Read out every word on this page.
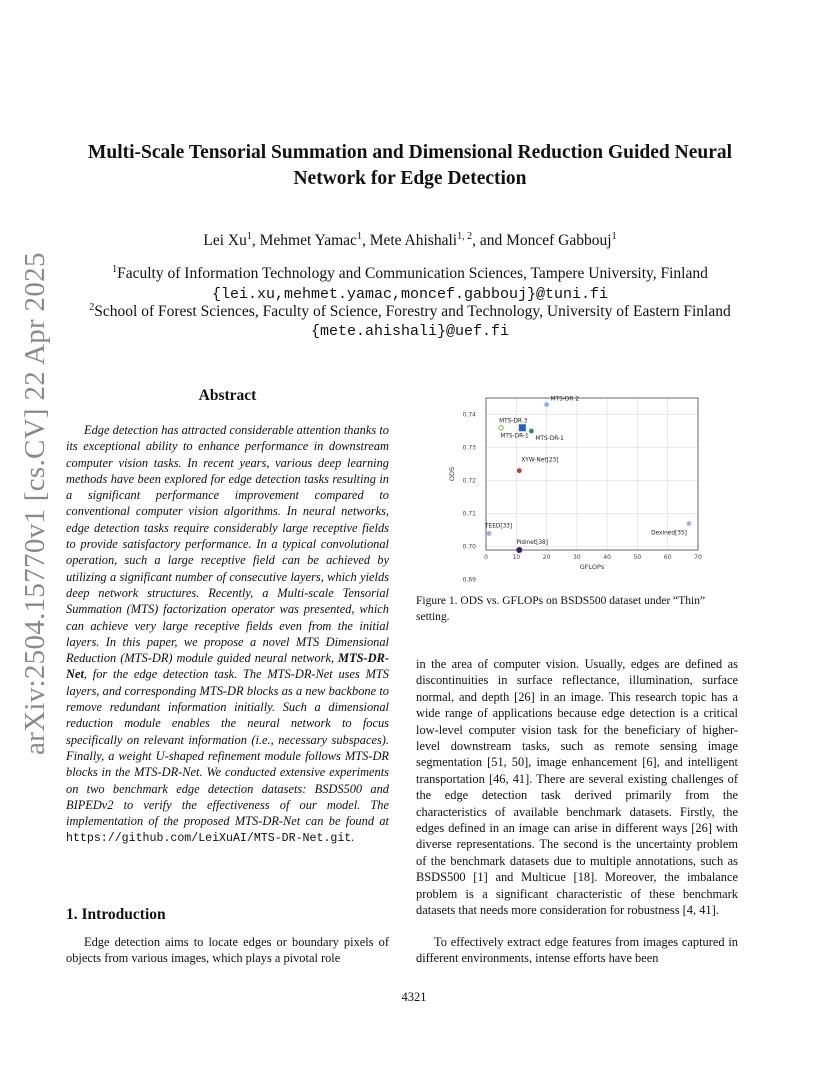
arXiv:2504.15770v1 [cs.CV] 22 Apr 2025
Multi-Scale Tensorial Summation and Dimensional Reduction Guided Neural
Network for Edge Detection
Lei Xu$^1$, Mehmet Yamac$^1$, Mete Ahishali$^{1, 2}$, and Moncef Gabbouj$^1$
$^1$Faculty of Information Technology and Communication Sciences, Tampere University, Finland
{lei.xu,mehmet.yamac,moncef.gabbouj}@tuni.fi
$^2$School of Forest Sciences, Faculty of Science, Forestry and Technology, University of Eastern Finland
{mete.ahishali}@uef.fi
Abstract
Edge detection has attracted considerable attention thanks to its exceptional ability to enhance performance in downstream computer vision tasks. In recent years, various deep learning methods have been explored for edge detection tasks resulting in a significant performance improvement compared to conventional computer vision algorithms. In neural networks, edge detection tasks require considerably large receptive fields to provide satisfactory performance. In a typical convolutional operation, such a large receptive field can be achieved by utilizing a significant number of consecutive layers, which yields deep network structures. Recently, a Multi-scale Tensorial Summation (MTS) factorization operator was presented, which can achieve very large receptive fields even from the initial layers. In this paper, we propose a novel MTS Dimensional Reduction (MTS-DR) module guided neural network, MTS-DR-Net, for the edge detection task. The MTS-DR-Net uses MTS layers, and corresponding MTS-DR blocks as a new backbone to remove redundant information initially. Such a dimensional reduction module enables the neural network to focus specifically on relevant information (i.e., necessary subspaces). Finally, a weight U-shaped refinement module follows MTS-DR blocks in the MTS-DR-Net. We conducted extensive experiments on two benchmark edge detection datasets: BSDS500 and BIPEDv2 to verify the effectiveness of our model. The implementation of the proposed MTS-DR-Net can be found at https://github.com/LeiXuAI/MTS-DR-Net.git.
1. Introduction
Edge detection aims to locate edges or boundary pixels of objects from various images, which plays a pivotal role
0	10	20	30	40	50	60	70
0.74
0.73
0.72
0.71
0.70
0.69
MTS-DR 3
MTS-DR-1
MTS-DR 2
MTS-DR-1
XYW-Net[23]
TEED[33]
Dexined[35]
Pidinet[38]
GFLOPs
ODS
Figure 1. ODS vs. GFLOPs on BSDS500 dataset under “Thin” setting.
in the area of computer vision. Usually, edges are defined as discontinuities in surface reflectance, illumination, surface normal, and depth [26] in an image. This research topic has a wide range of applications because edge detection is a critical low-level computer vision task for the beneficiary of higher-level downstream tasks, such as remote sensing image segmentation [51, 50], image enhancement [6], and intelligent transportation [46, 41]. There are several existing challenges of the edge detection task derived primarily from the characteristics of available benchmark datasets. Firstly, the edges defined in an image can arise in different ways [26] with diverse representations. The second is the uncertainty problem of the benchmark datasets due to multiple annotations, such as BSDS500 [1] and Multicue [18]. Moreover, the imbalance problem is a significant characteristic of these benchmark datasets that needs more consideration for robustness [4, 41].
To effectively extract edge features from images captured in different environments, intense efforts have been
4321
